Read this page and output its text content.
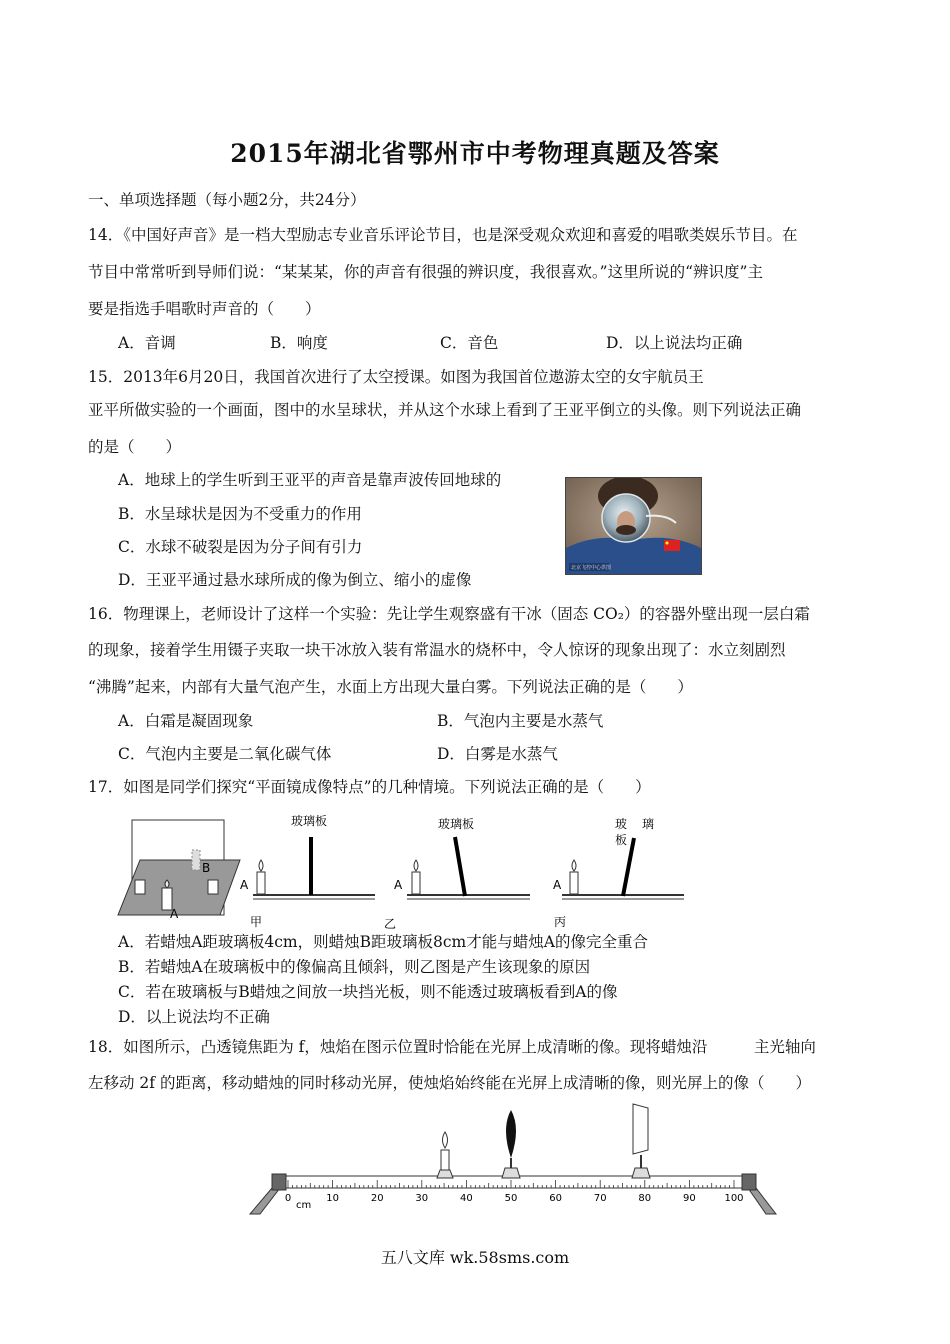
2015年湖北省鄂州市中考物理真题及答案
一、单项选择题（每小题2分，共24分）
14．《中国好声音》是一档大型励志专业音乐评论节目，也是深受观众欢迎和喜爱的唱歌类娱乐节目。在
节目中常常听到导师们说：“某某某，你的声音有很强的辨识度，我很喜欢。”这里所说的“辨识度”主
要是指选手唱歌时声音的（　　）
A．音调	B．响度	C．音色	D．以上说法均正确
15．2013年6月20日，我国首次进行了太空授课。如图为我国首位遨游太空的女宇航员王
亚平所做实验的一个画面，图中的水呈球状，并从这个水球上看到了王亚平倒立的头像。则下列说法正确
的是（　　）
A．地球上的学生听到王亚平的声音是靠声波传回地球的
B．水呈球状是因为不受重力的作用
C．水球不破裂是因为分子间有引力
D．王亚平通过悬水球所成的像为倒立、缩小的虚像
北京飞控中心供图
16．物理课上，老师设计了这样一个实验：先让学生观察盛有干冰（固态 CO₂）的容器外壁出现一层白霜
的现象，接着学生用镊子夹取一块干冰放入装有常温水的烧杯中，令人惊讶的现象出现了：水立刻剧烈
“沸腾”起来，内部有大量气泡产生，水面上方出现大量白雾。下列说法正确的是（　　）
A．白霜是凝固现象	B．气泡内主要是水蒸气
C．气泡内主要是二氧化碳气体	D．白雾是水蒸气
17．如图是同学们探究“平面镜成像特点”的几种情境。下列说法正确的是（　　）
B
A
A
玻璃板
甲
A
玻璃板
乙
A
玻 璃
板
丙
A．若蜡烛A距玻璃板4cm，则蜡烛B距玻璃板8cm才能与蜡烛A的像完全重合
B．若蜡烛A在玻璃板中的像偏高且倾斜，则乙图是产生该现象的原因
C．若在玻璃板与B蜡烛之间放一块挡光板，则不能透过玻璃板看到A的像
D．以上说法均不正确
18．如图所示，凸透镜焦距为 f，烛焰在图示位置时恰能在光屏上成清晰的像。现将蜡烛沿　　　主光轴向
左移动 2f 的距离，移动蜡烛的同时移动光屏，使烛焰始终能在光屏上成清晰的像，则光屏上的像（　　）
0	10	20	30	40	50	60	70	80	90	100
cm
五八文库 wk.58sms.com
